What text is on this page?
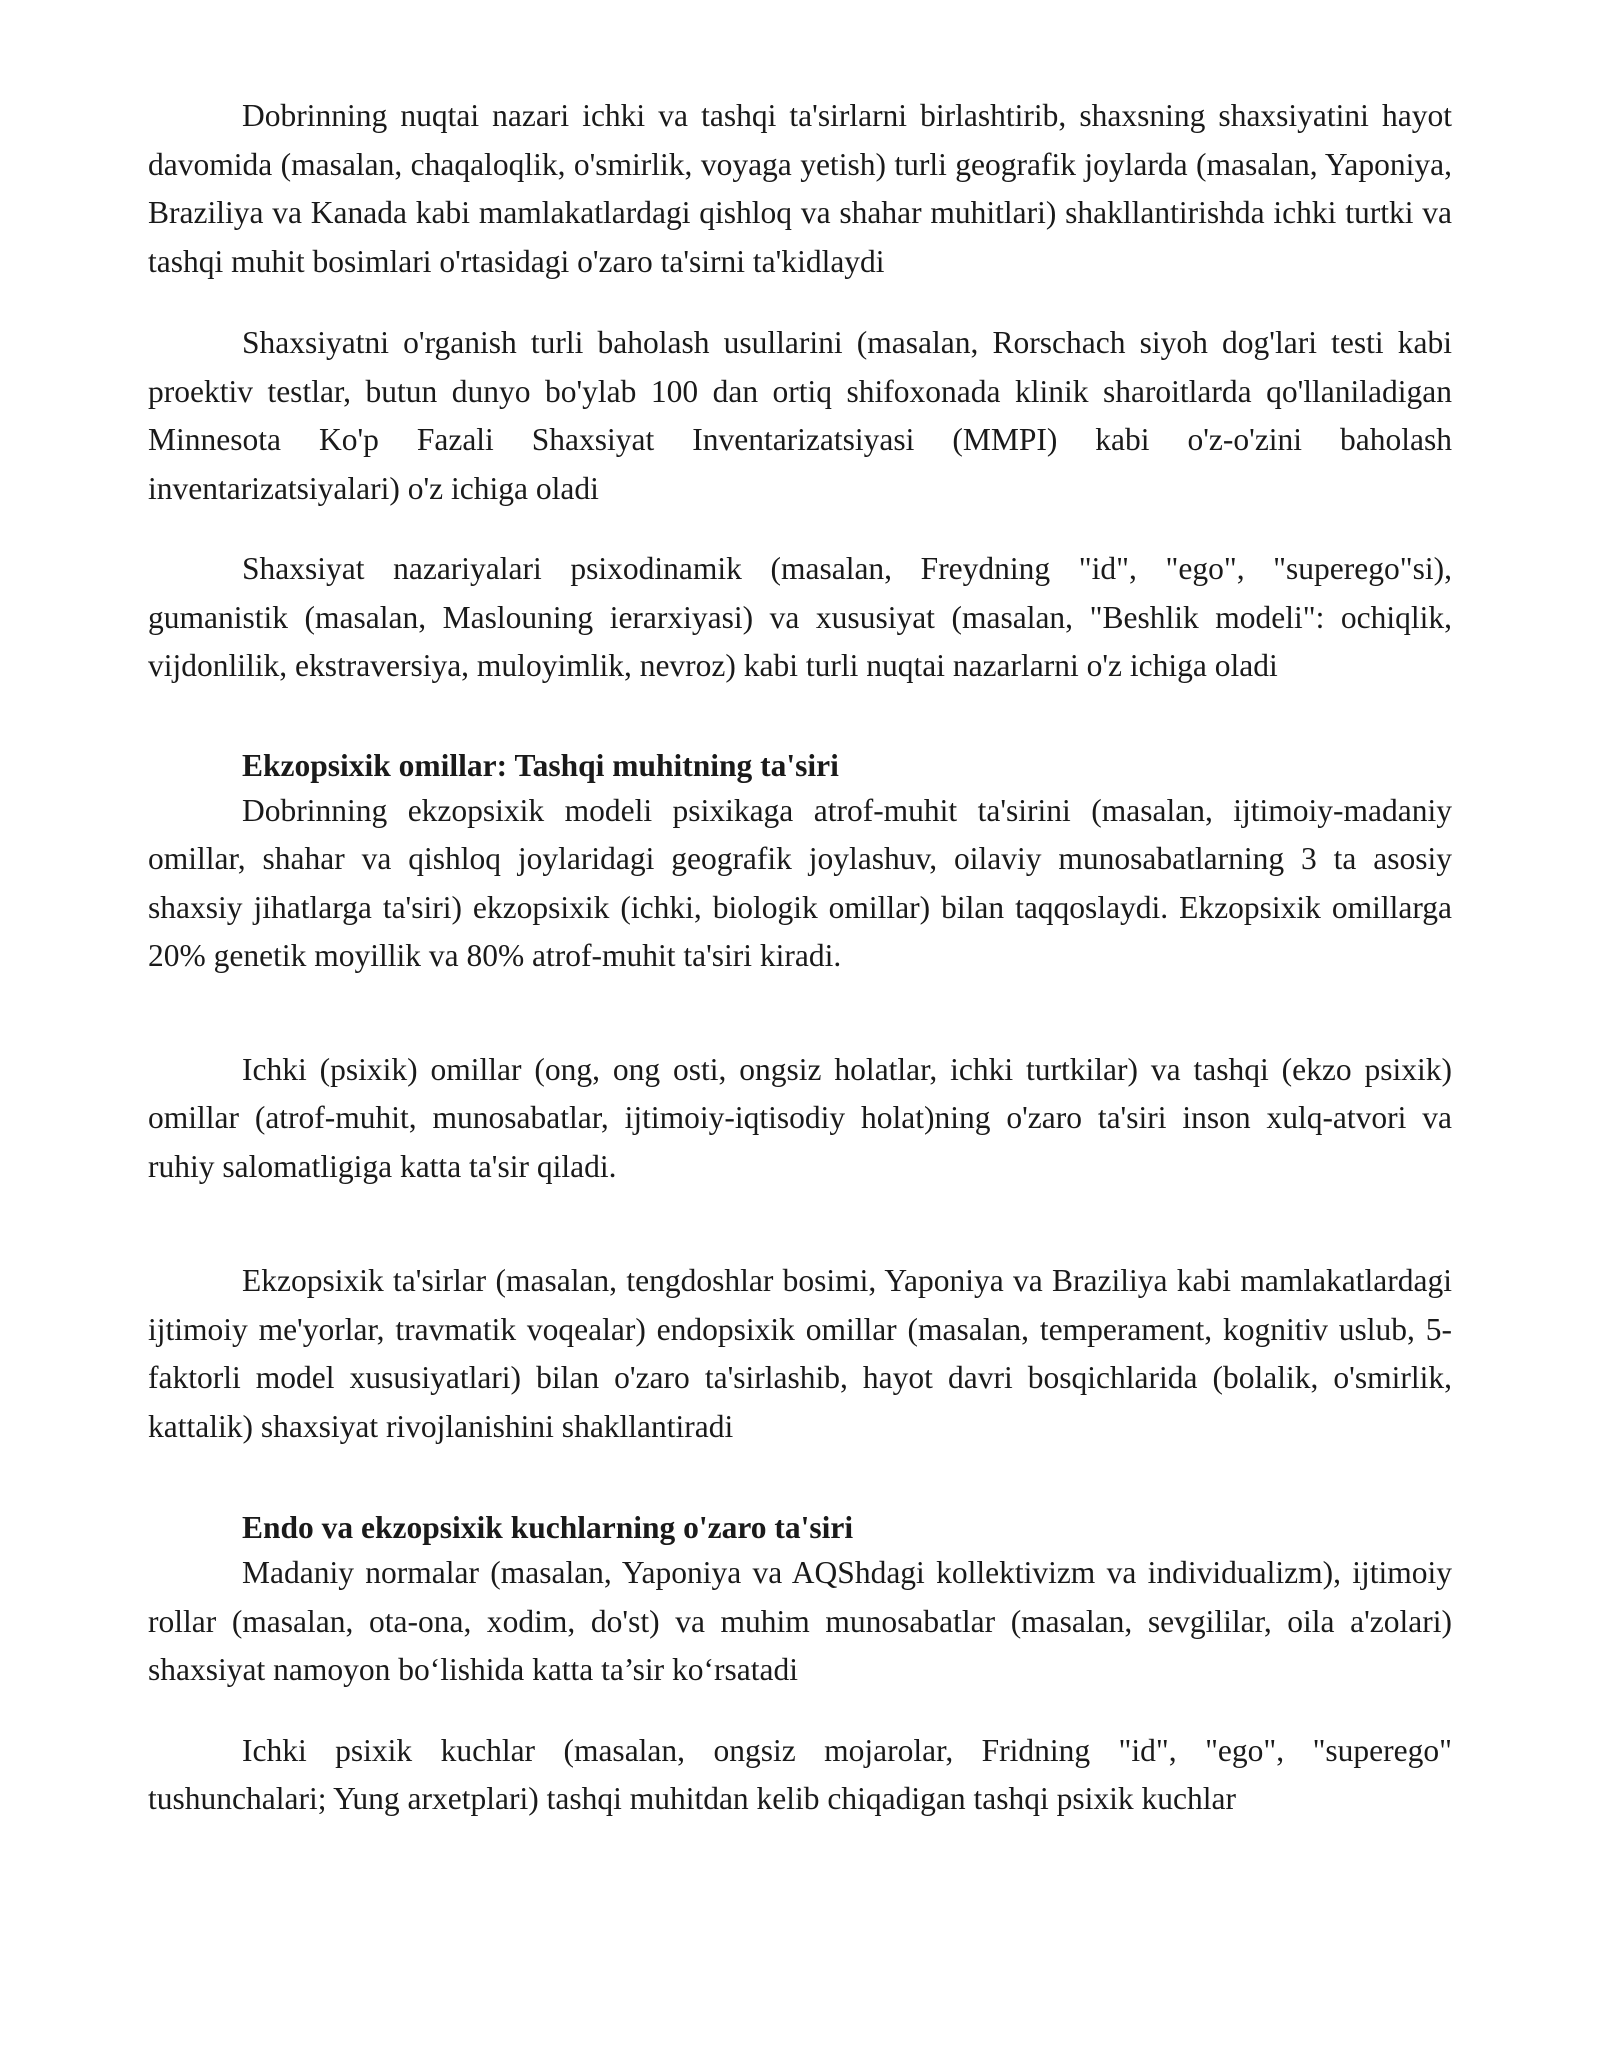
Dobrinning nuqtai nazari ichki va tashqi ta'sirlarni birlashtirib, shaxsning shaxsiyatini hayot davomida (masalan, chaqaloqlik, o'smirlik, voyaga yetish) turli geografik joylarda (masalan, Yaponiya, Braziliya va Kanada kabi mamlakatlardagi qishloq va shahar muhitlari) shakllantirishda ichki turtki va tashqi muhit bosimlari o'rtasidagi o'zaro ta'sirni ta'kidlaydi

Shaxsiyatni o'rganish turli baholash usullarini (masalan, Rorschach siyoh dog'lari testi kabi proektiv testlar, butun dunyo bo'ylab 100 dan ortiq shifoxonada klinik sharoitlarda qo'llaniladigan Minnesota Ko'p Fazali Shaxsiyat Inventarizatsiyasi (MMPI) kabi o'z-o'zini baholash inventarizatsiyalari) o'z ichiga oladi

Shaxsiyat nazariyalari psixodinamik (masalan, Freydning "id", "ego", "superego"si), gumanistik (masalan, Maslouning ierarxiyasi) va xususiyat (masalan, "Beshlik modeli": ochiqlik, vijdonlilik, ekstraversiya, muloyimlik, nevroz) kabi turli nuqtai nazarlarni o'z ichiga oladi

Ekzopsixik omillar: Tashqi muhitning ta'siri

Dobrinning ekzopsixik modeli psixikaga atrof-muhit ta'sirini (masalan, ijtimoiy-madaniy omillar, shahar va qishloq joylaridagi geografik joylashuv, oilaviy munosabatlarning 3 ta asosiy shaxsiy jihatlarga ta'siri) ekzopsixik (ichki, biologik omillar) bilan taqqoslaydi. Ekzopsixik omillarga 20% genetik moyillik va 80% atrof-muhit ta'siri kiradi.

Ichki (psixik) omillar (ong, ong osti, ongsiz holatlar, ichki turtkilar) va tashqi (ekzo psixik) omillar (atrof-muhit, munosabatlar, ijtimoiy-iqtisodiy holat)ning o'zaro ta'siri inson xulq-atvori va ruhiy salomatligiga katta ta'sir qiladi.

Ekzopsixik ta'sirlar (masalan, tengdoshlar bosimi, Yaponiya va Braziliya kabi mamlakatlardagi ijtimoiy me'yorlar, travmatik voqealar) endopsixik omillar (masalan, temperament, kognitiv uslub, 5-faktorli model xususiyatlari) bilan o'zaro ta'sirlashib, hayot davri bosqichlarida (bolalik, o'smirlik, kattalik) shaxsiyat rivojlanishini shakllantiradi

Endo va ekzopsixik kuchlarning o'zaro ta'siri

Madaniy normalar (masalan, Yaponiya va AQShdagi kollektivizm va individualizm), ijtimoiy rollar (masalan, ota-ona, xodim, do'st) va muhim munosabatlar (masalan, sevgililar, oila a'zolari) shaxsiyat namoyon bo‘lishida katta ta’sir ko‘rsatadi

Ichki psixik kuchlar (masalan, ongsiz mojarolar, Fridning "id", "ego", "superego" tushunchalari; Yung arxetplari) tashqi muhitdan kelib chiqadigan tashqi psixik kuchlar
